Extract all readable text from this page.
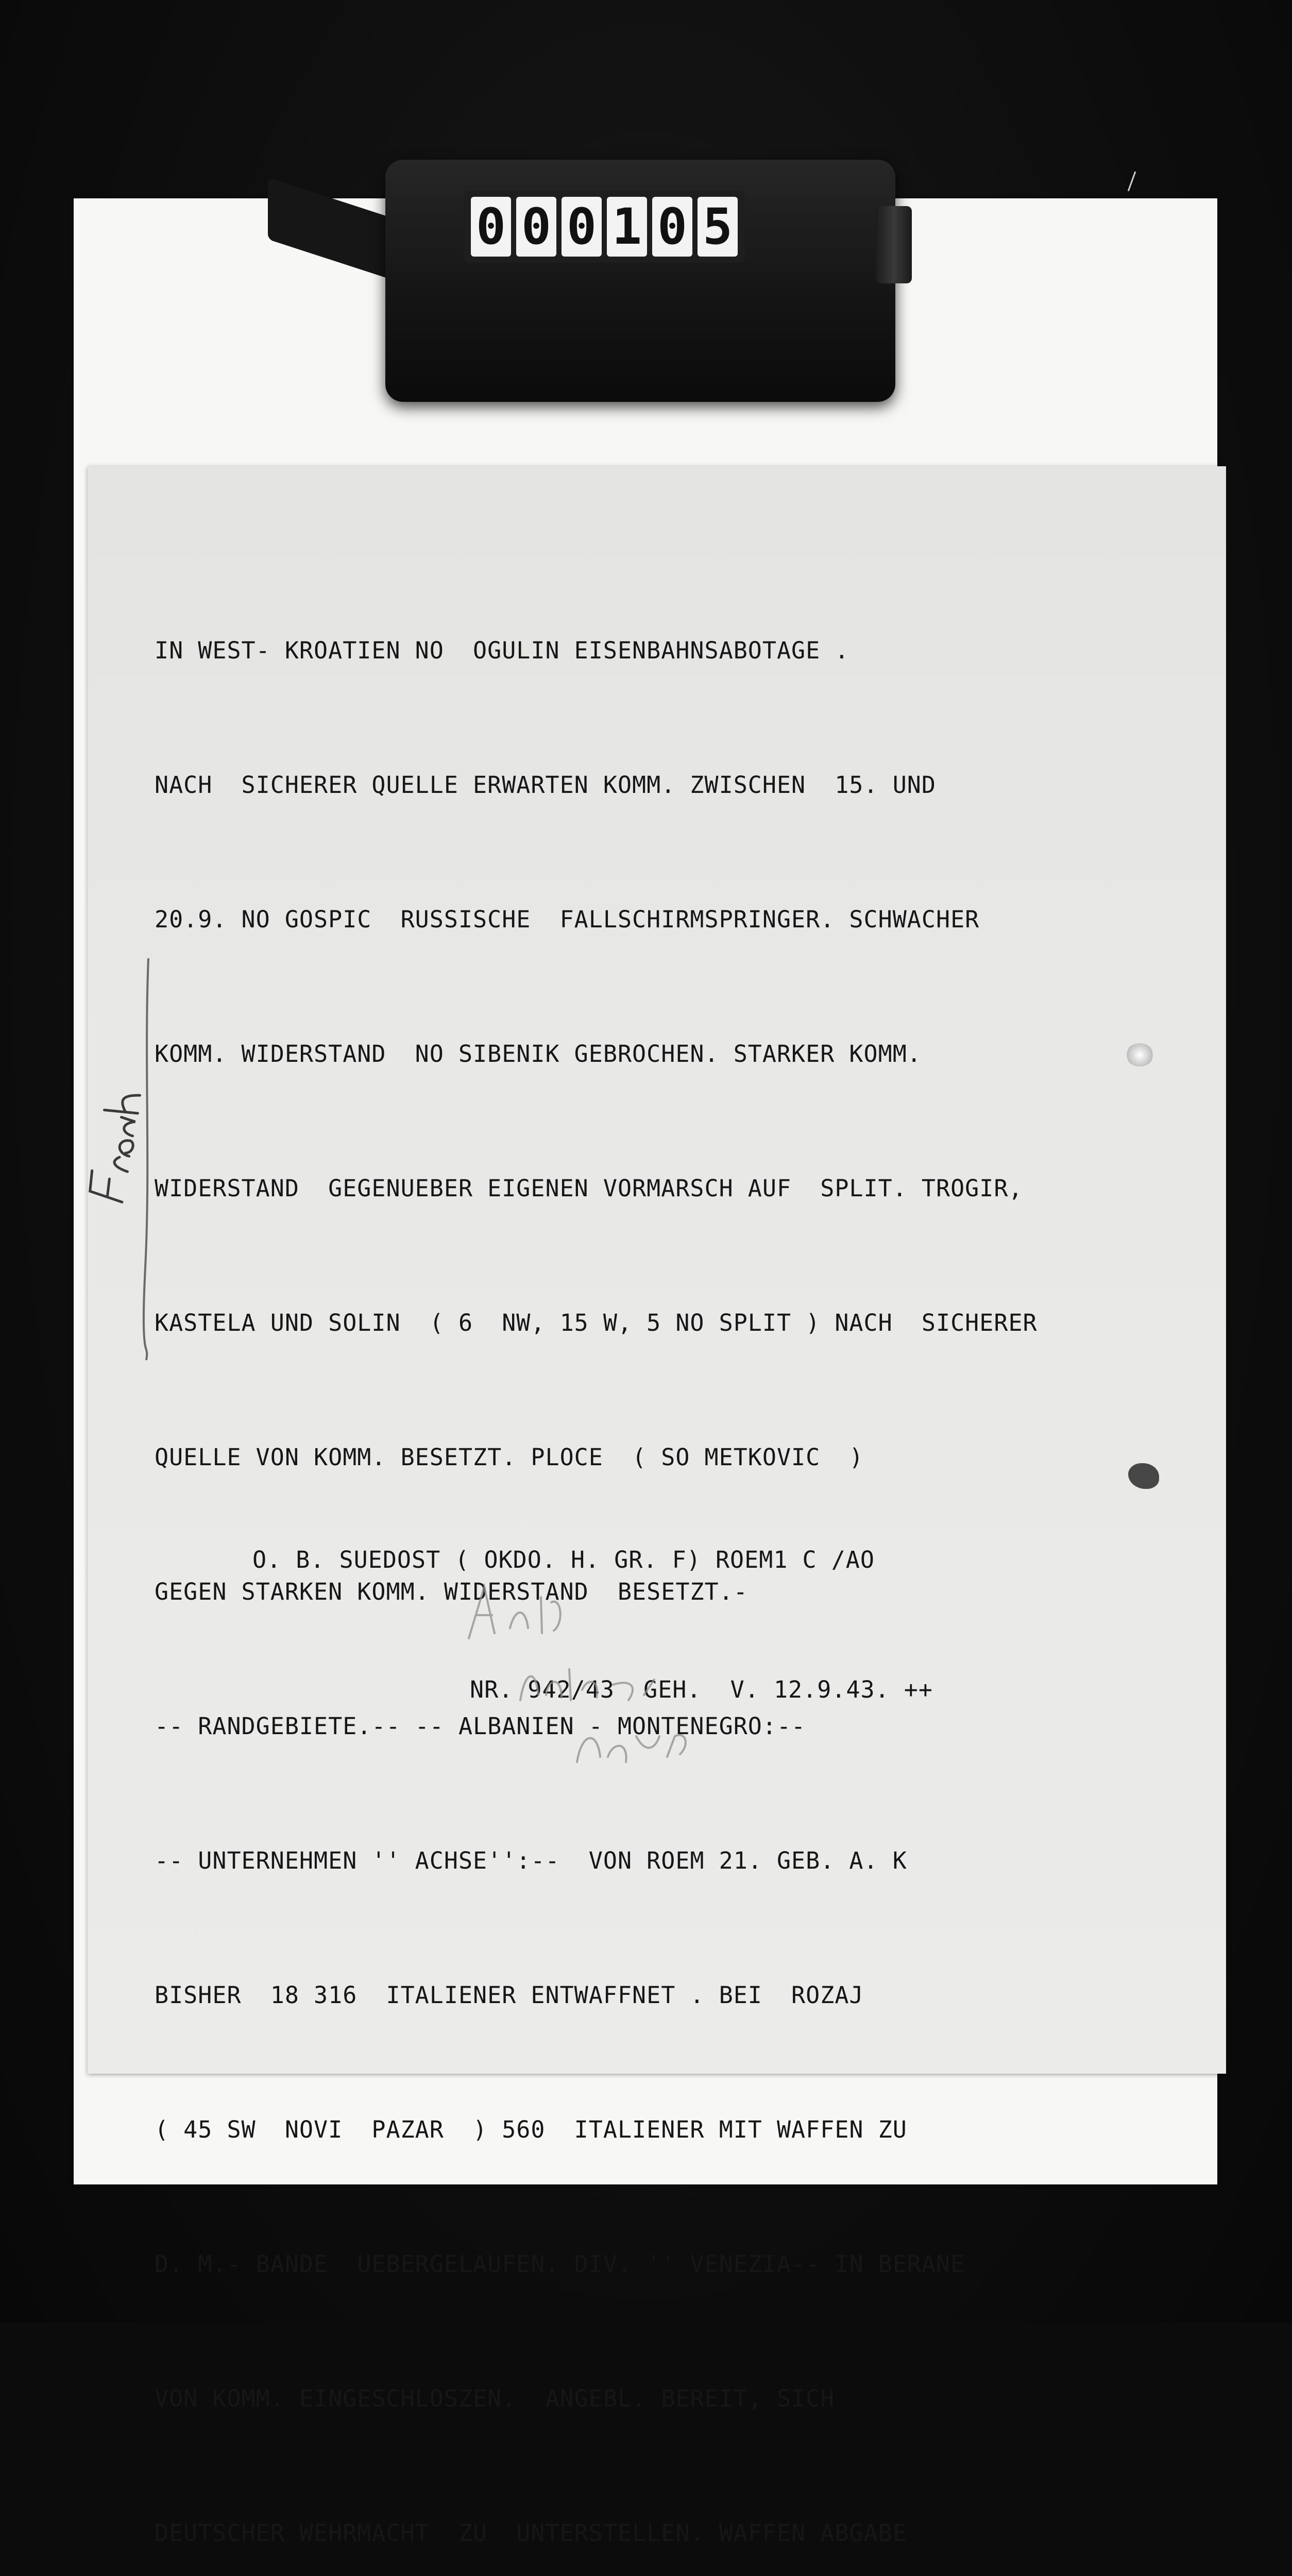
0 0 0 1 0 5

IN WEST- KROATIEN NO  OGULIN EISENBAHNSABOTAGE .

NACH  SICHERER QUELLE ERWARTEN KOMM. ZWISCHEN  15. UND

20.9. NO GOSPIC  RUSSISCHE  FALLSCHIRMSPRINGER. SCHWACHER

KOMM. WIDERSTAND  NO SIBENIK GEBROCHEN. STARKER KOMM.

WIDERSTAND  GEGENUEBER EIGENEN VORMARSCH AUF  SPLIT. TROGIR,

KASTELA UND SOLIN  ( 6  NW, 15 W, 5 NO SPLIT ) NACH  SICHERER

QUELLE VON KOMM. BESETZT. PLOCE  ( SO METKOVIC  )

GEGEN STARKEN KOMM. WIDERSTAND  BESETZT.-

-- RANDGEBIETE.-- -- ALBANIEN - MONTENEGRO:--

-- UNTERNEHMEN '' ACHSE'':--  VON ROEM 21. GEB. A. K

BISHER  18 316  ITALIENER ENTWAFFNET . BEI  ROZAJ

( 45 SW  NOVI  PAZAR  ) 560  ITALIENER MIT WAFFEN ZU

D. M.- BANDE  UEBERGELAUFEN. DIV. '' VENEZIA-- IN BERANE

VON KOMM. EINGESCHLOSZEN.  ANGEBL. BEREIT, SICH

DEUTSCHER WEHRMACHT  ZU  UNTERSTELLEN. WAFFEN ABGABE

O. B. SUEDOST ( OKDO. H. GR. F) ROEM1 C /AO

NR. 942/43  GEH.  V. 12.9.43. ++
